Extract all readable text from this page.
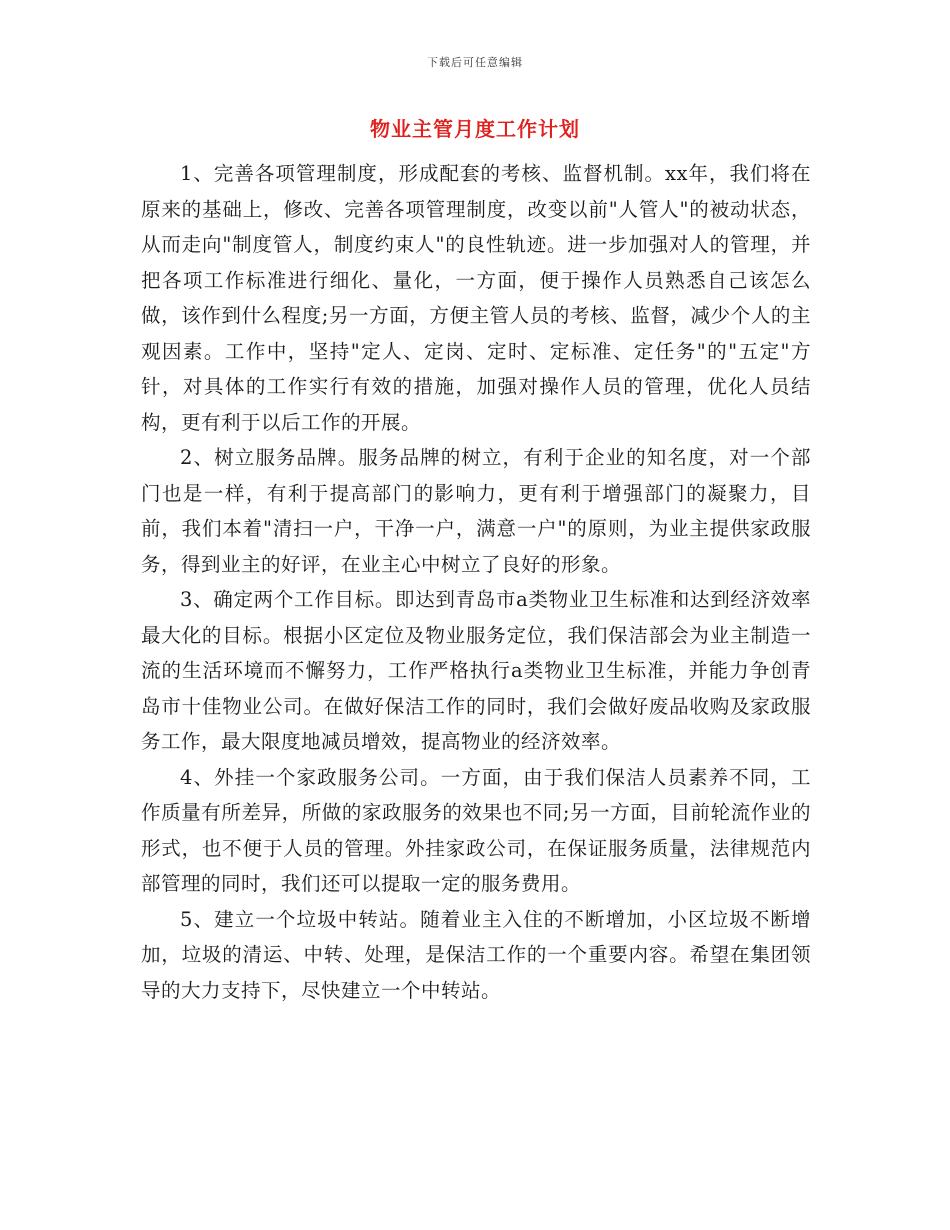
下载后可任意编辑
物业主管月度工作计划

1、完善各项管理制度，形成配套的考核、监督机制。xx年，我们将在原来的基础上，修改、完善各项管理制度，改变以前"人管人"的被动状态，从而走向"制度管人，制度约束人"的良性轨迹。进一步加强对人的管理，并把各项工作标准进行细化、量化，一方面，便于操作人员熟悉自己该怎么做，该作到什么程度;另一方面，方便主管人员的考核、监督，减少个人的主观因素。工作中，坚持"定人、定岗、定时、定标准、定任务"的"五定"方针，对具体的工作实行有效的措施，加强对操作人员的管理，优化人员结构，更有利于以后工作的开展。

2、树立服务品牌。服务品牌的树立，有利于企业的知名度，对一个部门也是一样，有利于提高部门的影响力，更有利于增强部门的凝聚力，目前，我们本着"清扫一户，干净一户，满意一户"的原则，为业主提供家政服务，得到业主的好评，在业主心中树立了良好的形象。

3、确定两个工作目标。即达到青岛市a类物业卫生标准和达到经济效率最大化的目标。根据小区定位及物业服务定位，我们保洁部会为业主制造一流的生活环境而不懈努力，工作严格执行a类物业卫生标准，并能力争创青岛市十佳物业公司。在做好保洁工作的同时，我们会做好废品收购及家政服务工作，最大限度地减员增效，提高物业的经济效率。

4、外挂一个家政服务公司。一方面，由于我们保洁人员素养不同，工作质量有所差异，所做的家政服务的效果也不同;另一方面，目前轮流作业的形式，也不便于人员的管理。外挂家政公司，在保证服务质量，法律规范内部管理的同时，我们还可以提取一定的服务费用。

5、建立一个垃圾中转站。随着业主入住的不断增加，小区垃圾不断增加，垃圾的清运、中转、处理，是保洁工作的一个重要内容。希望在集团领导的大力支持下，尽快建立一个中转站。
